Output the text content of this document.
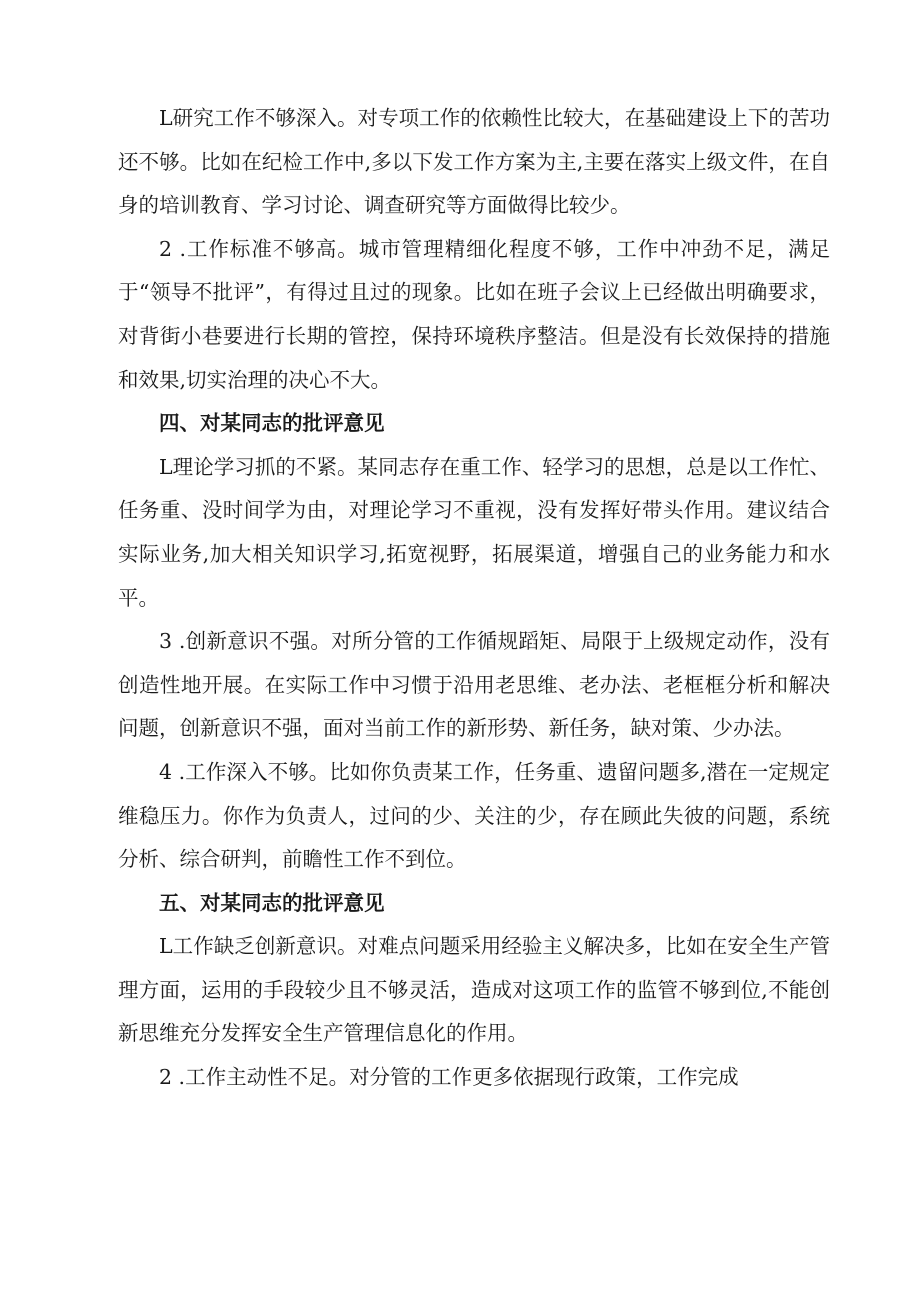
L研究工作不够深入。对专项工作的依赖性比较大，在基础建设上下的苦功还不够。比如在纪检工作中,多以下发工作方案为主,主要在落实上级文件，在自身的培训教育、学习讨论、调查研究等方面做得比较少。

2 .工作标准不够高。城市管理精细化程度不够，工作中冲劲不足，满足于“领导不批评”，有得过且过的现象。比如在班子会议上已经做出明确要求，对背街小巷要进行长期的管控，保持环境秩序整洁。但是没有长效保持的措施和效果,切实治理的决心不大。

四、对某同志的批评意见

L理论学习抓的不紧。某同志存在重工作、轻学习的思想，总是以工作忙、任务重、没时间学为由，对理论学习不重视，没有发挥好带头作用。建议结合实际业务,加大相关知识学习,拓宽视野，拓展渠道，增强自己的业务能力和水平。

3 .创新意识不强。对所分管的工作循规蹈矩、局限于上级规定动作，没有创造性地开展。在实际工作中习惯于沿用老思维、老办法、老框框分析和解决问题，创新意识不强，面对当前工作的新形势、新任务，缺对策、少办法。

4 .工作深入不够。比如你负责某工作，任务重、遗留问题多,潜在一定规定维稳压力。你作为负责人，过问的少、关注的少，存在顾此失彼的问题，系统分析、综合研判，前瞻性工作不到位。

五、对某同志的批评意见

L工作缺乏创新意识。对难点问题采用经验主义解决多，比如在安全生产管理方面，运用的手段较少且不够灵活，造成对这项工作的监管不够到位,不能创新思维充分发挥安全生产管理信息化的作用。

2 .工作主动性不足。对分管的工作更多依据现行政策，工作完成
